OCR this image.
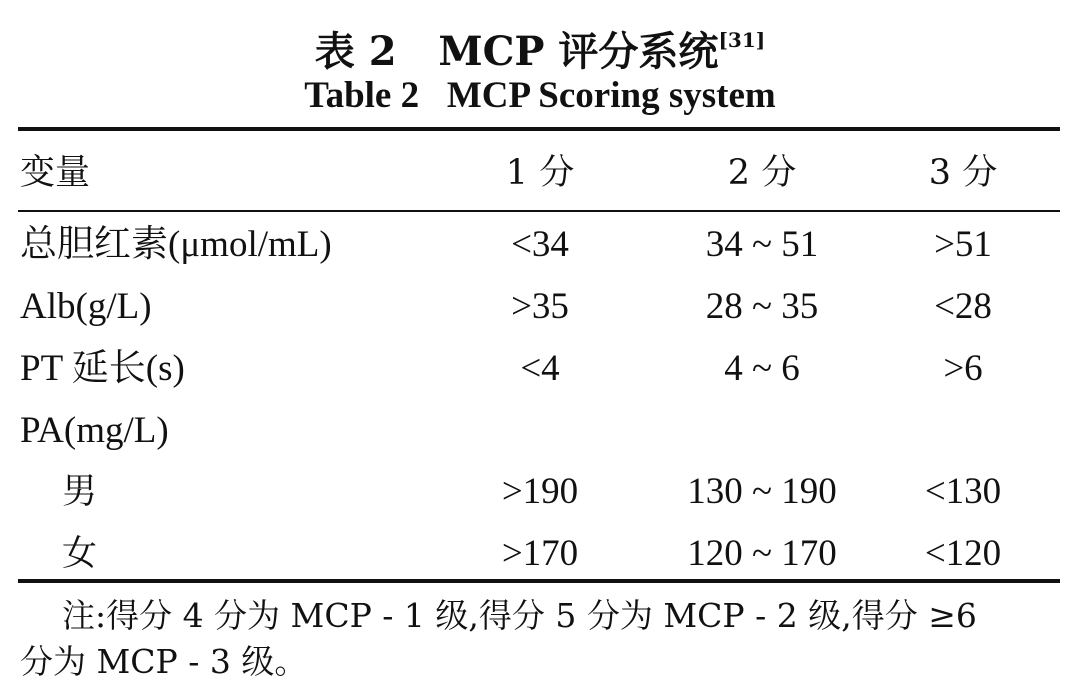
表 2   MCP 评分系统[31]
Table 2   MCP Scoring system
变量	1 分	2 分	3 分
总胆红素(μmol/mL)	<34	34 ~ 51	>51
Alb(g/L)	>35	28 ~ 35	<28
PT 延长(s)	<4	4 ~ 6	>6
PA(mg/L)
男	>190	130 ~ 190	<130
女	>170	120 ~ 170	<120
注:得分 4 分为 MCP - 1 级,得分 5 分为 MCP - 2 级,得分 ≥6
分为 MCP - 3 级。
